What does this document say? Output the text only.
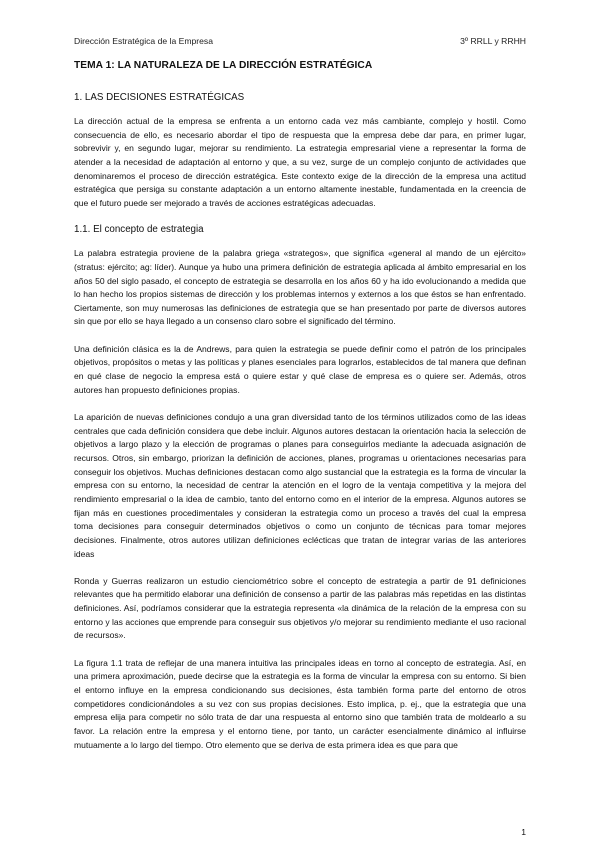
Dirección Estratégica de la Empresa	3º RRLL y RRHH
TEMA 1: LA NATURALEZA DE LA DIRECCIÓN ESTRATÉGICA
1. LAS DECISIONES ESTRATÉGICAS

La dirección actual de la empresa se enfrenta a un entorno cada vez más cambiante, complejo y hostil. Como consecuencia de ello, es necesario abordar el tipo de respuesta que la empresa debe dar para, en primer lugar, sobrevivir y, en segundo lugar, mejorar su rendimiento. La estrategia empresarial viene a representar la forma de atender a la necesidad de adaptación al entorno y que, a su vez, surge de un complejo conjunto de actividades que denominaremos el proceso de dirección estratégica. Este contexto exige de la dirección de la empresa una actitud estratégica que persiga su constante adaptación a un entorno altamente inestable, fundamentada en la creencia de que el futuro puede ser mejorado a través de acciones estratégicas adecuadas.

1.1. El concepto de estrategia

La palabra estrategia proviene de la palabra griega «strategos», que significa «general al mando de un ejército» (stratus: ejército; ag: líder). Aunque ya hubo una primera definición de estrategia aplicada al ámbito empresarial en los años 50 del siglo pasado, el concepto de estrategia se desarrolla en los años 60 y ha ido evolucionando a medida que lo han hecho los propios sistemas de dirección y los problemas internos y externos a los que éstos se han enfrentado. Ciertamente, son muy numerosas las definiciones de estrategia que se han presentado por parte de diversos autores sin que por ello se haya llegado a un consenso claro sobre el significado del término.

Una definición clásica es la de Andrews, para quien la estrategia se puede definir como el patrón de los principales objetivos, propósitos o metas y las políticas y planes esenciales para lograrlos, establecidos de tal manera que definan en qué clase de negocio la empresa está o quiere estar y qué clase de empresa es o quiere ser. Además, otros autores han propuesto definiciones propias.

La aparición de nuevas definiciones condujo a una gran diversidad tanto de los términos utilizados como de las ideas centrales que cada definición considera que debe incluir. Algunos autores destacan la orientación hacia la selección de objetivos a largo plazo y la elección de programas o planes para conseguirlos mediante la adecuada asignación de recursos. Otros, sin embargo, priorizan la definición de acciones, planes, programas u orientaciones necesarias para conseguir los objetivos. Muchas definiciones destacan como algo sustancial que la estrategia es la forma de vincular la empresa con su entorno, la necesidad de centrar la atención en el logro de la ventaja competitiva y la mejora del rendimiento empresarial o la idea de cambio, tanto del entorno como en el interior de la empresa. Algunos autores se fijan más en cuestiones procedimentales y consideran la estrategia como un proceso a través del cual la empresa toma decisiones para conseguir determinados objetivos o como un conjunto de técnicas para tomar mejores decisiones. Finalmente, otros autores utilizan definiciones eclécticas que tratan de integrar varias de las anteriores ideas

Ronda y Guerras realizaron un estudio cienciométrico sobre el concepto de estrategia a partir de 91 definiciones relevantes que ha permitido elaborar una definición de consenso a partir de las palabras más repetidas en las distintas definiciones. Así, podríamos considerar que la estrategia representa «la dinámica de la relación de la empresa con su entorno y las acciones que emprende para conseguir sus objetivos y/o mejorar su rendimiento mediante el uso racional de recursos».

La figura 1.1 trata de reflejar de una manera intuitiva las principales ideas en torno al concepto de estrategia. Así, en una primera aproximación, puede decirse que la estrategia es la forma de vincular la empresa con su entorno. Si bien el entorno influye en la empresa condicionando sus decisiones, ésta también forma parte del entorno de otros competidores condicionándoles a su vez con sus propias decisiones. Esto implica, p. ej., que la estrategia que una empresa elija para competir no sólo trata de dar una respuesta al entorno sino que también trata de moldearlo a su favor. La relación entre la empresa y el entorno tiene, por tanto, un carácter esencialmente dinámico al influirse mutuamente a lo largo del tiempo. Otro elemento que se deriva de esta primera idea es que para que

1
